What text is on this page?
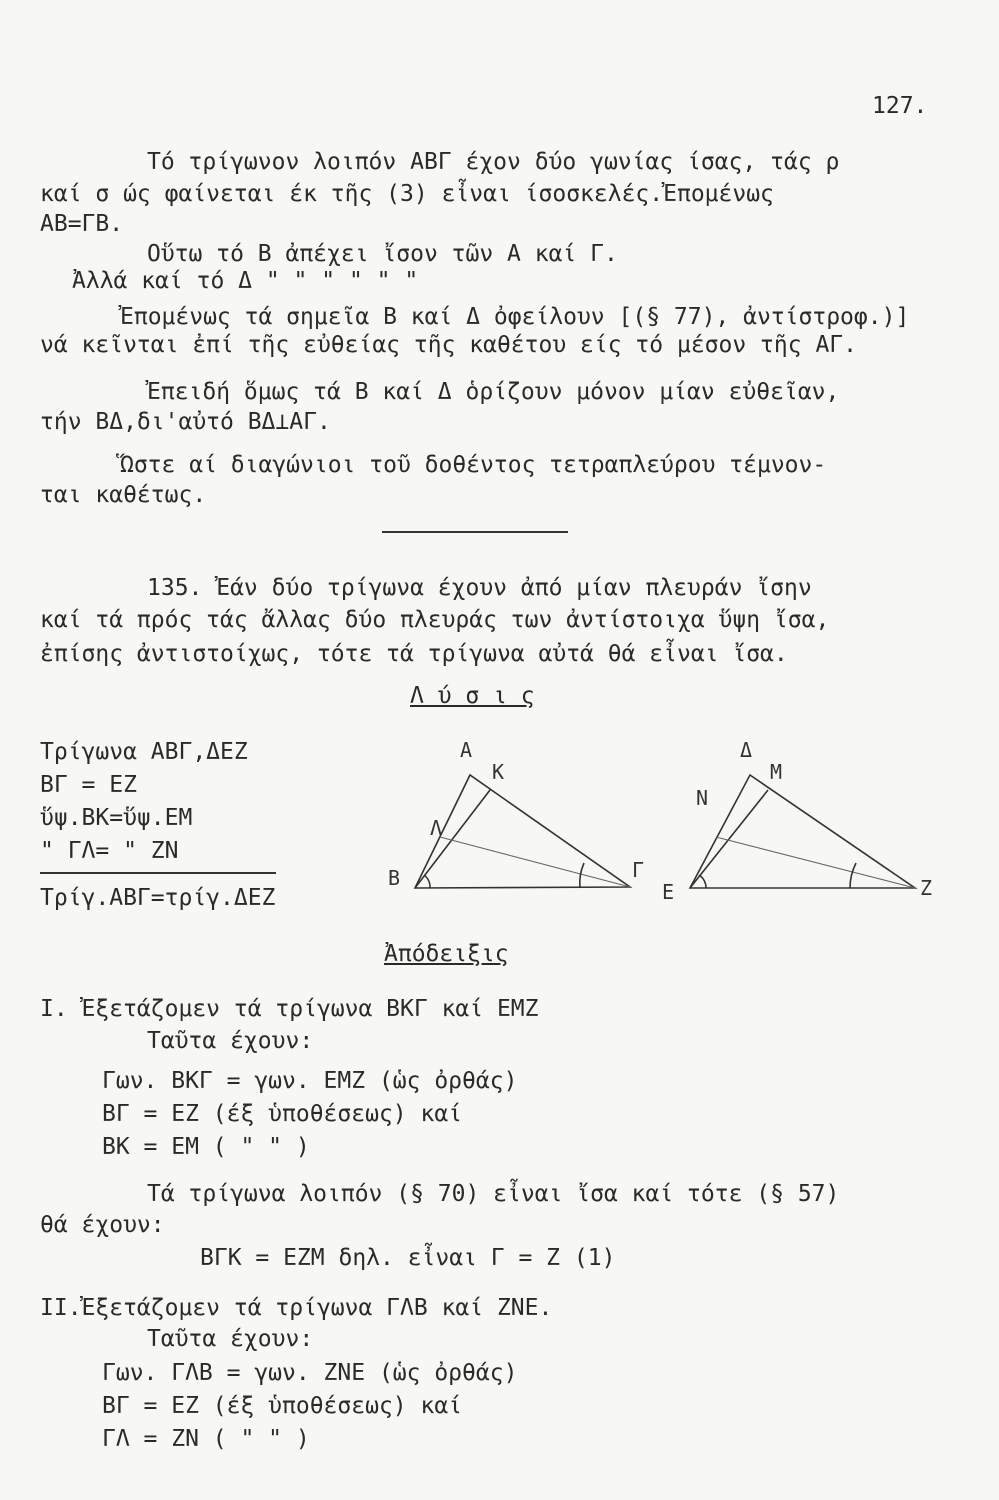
127.
Τό τρίγωνον λοιπόν ΑΒΓ έχον δύο γωνίας ίσας, τάς ρ
καί σ ώς φαίνεται έκ τῆς (3) εἶναι ίσοσκελές.Ἐπομένως
ΑΒ=ΓΒ.
Οὕτω τό Β ἀπέχει ἴσον τῶν Α καί Γ.
Ἀλλά καί τό Δ " " " " " "
Ἐπομένως τά σημεῖα Β καί Δ ὀφείλουν [(§ 77), ἀντίστροφ.)]
νά κεῖνται ἐπί τῆς εὐθείας τῆς καθέτου είς τό μέσον τῆς ΑΓ.
Ἐπειδή ὅμως τά Β καί Δ ὁρίζουν μόνον μίαν εὐθεῖαν,
τήν ΒΔ,δι'αὐτό ΒΔ⊥ΑΓ.
Ὥστε αί διαγώνιοι τοῦ δοθέντος τετραπλεύρου τέμνον-
ται καθέτως.
135. Ἐάν δύο τρίγωνα έχουν ἀπό μίαν πλευράν ἴσην
καί τά πρός τάς ἄλλας δύο πλευράς των ἀντίστοιχα ὕψη ἴσα,
ἐπίσης ἀντιστοίχως, τότε τά τρίγωνα αὐτά θά εἶναι ἴσα.
Λ ύ σ ι ς
Τρίγωνα ΑΒΓ,ΔΕΖ
ΒΓ = ΕΖ
ὕψ.ΒΚ=ὕψ.ΕΜ
" ΓΛ= " ΖΝ
Τρίγ.ΑΒΓ=τρίγ.ΔΕΖ
Α
Κ
Λ
Β	Γ
Δ
Μ
Ν
Ε	Ζ
Ἀπόδειξις
I. Ἐξετάζομεν τά τρίγωνα ΒΚΓ καί ΕΜΖ
Ταῦτα έχουν:
Γων. ΒΚΓ = γων. ΕΜΖ (ὡς ὀρθάς)
ΒΓ = ΕΖ (έξ ὑποθέσεως) καί
ΒΚ = ΕΜ ( " " )
Τά τρίγωνα λοιπόν (§ 70) εἶναι ἴσα καί τότε (§ 57)
θά έχουν:
ΒΓΚ = ΕΖΜ δηλ. εἶναι Γ = Ζ (1)
II.Ἐξετάζομεν τά τρίγωνα ΓΛΒ καί ΖΝΕ.
Ταῦτα έχουν:
Γων. ΓΛΒ = γων. ΖΝΕ (ὡς ὀρθάς)
ΒΓ = ΕΖ (έξ ὑποθέσεως) καί
ΓΛ = ΖΝ ( " " )
